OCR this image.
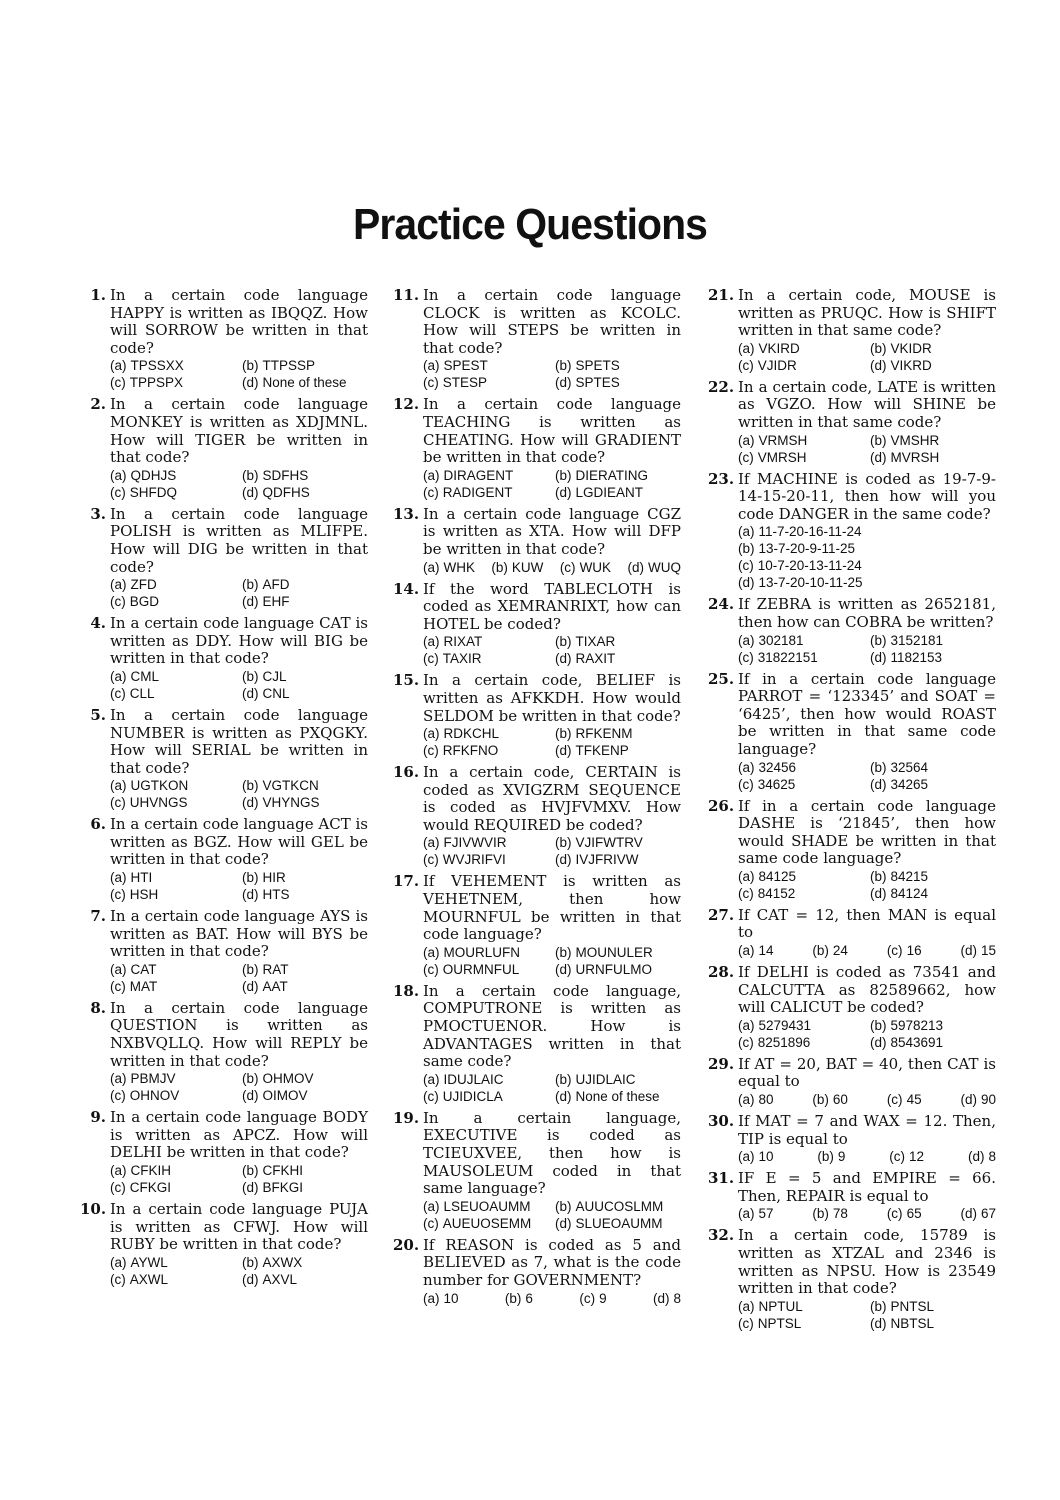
Practice Questions
1. In a certain code language HAPPY is written as IBQQZ. How will SORROW be written in that code?
(a) TPSSXX	(b) TTPSSP
(c) TPPSPX	(d) None of these
2. In a certain code language MONKEY is written as XDJMNL. How will TIGER be written in that code?
(a) QDHJS	(b) SDFHS
(c) SHFDQ	(d) QDFHS
3. In a certain code language POLISH is written as MLIFPE. How will DIG be written in that code?
(a) ZFD	(b) AFD
(c) BGD	(d) EHF
4. In a certain code language CAT is written as DDY. How will BIG be written in that code?
(a) CML	(b) CJL
(c) CLL	(d) CNL
5. In a certain code language NUMBER is written as PXQGKY. How will SERIAL be written in that code?
(a) UGTKON	(b) VGTKCN
(c) UHVNGS	(d) VHYNGS
6. In a certain code language ACT is written as BGZ. How will GEL be written in that code?
(a) HTI	(b) HIR
(c) HSH	(d) HTS
7. In a certain code language AYS is written as BAT. How will BYS be written in that code?
(a) CAT	(b) RAT
(c) MAT	(d) AAT
8. In a certain code language QUESTION is written as NXBVQLLQ. How will REPLY be written in that code?
(a) PBMJV	(b) OHMOV
(c) OHNOV	(d) OIMOV
9. In a certain code language BODY is written as APCZ. How will DELHI be written in that code?
(a) CFKIH	(b) CFKHI
(c) CFKGI	(d) BFKGI
10. In a certain code language PUJA is written as CFWJ. How will RUBY be written in that code?
(a) AYWL	(b) AXWX
(c) AXWL	(d) AXVL
11. In a certain code language CLOCK is written as KCOLC. How will STEPS be written in that code?
(a) SPEST	(b) SPETS
(c) STESP	(d) SPTES
12. In a certain code language TEACHING is written as CHEATING. How will GRADIENT be written in that code?
(a) DIRAGENT	(b) DIERATING
(c) RADIGENT	(d) LGDIEANT
13. In a certain code language CGZ is written as XTA. How will DFP be written in that code?
(a) WHK (b) KUW (c) WUK (d) WUQ
14. If the word TABLECLOTH is coded as XEMRANRIXT, how can HOTEL be coded?
(a) RIXAT	(b) TIXAR
(c) TAXIR	(d) RAXIT
15. In a certain code, BELIEF is written as AFKKDH. How would SELDOM be written in that code?
(a) RDKCHL	(b) RFKENM
(c) RFKFNO	(d) TFKENP
16. In a certain code, CERTAIN is coded as XVIGZRM SEQUENCE is coded as HVJFVMXV. How would REQUIRED be coded?
(a) FJIVWVIR	(b) VJIFWTRV
(c) WVJRIFVI	(d) IVJFRIVW
17. If VEHEMENT is written as VEHETNEM, then how MOURNFUL be written in that code language?
(a) MOURLUFN	(b) MOUNULER
(c) OURMNFUL	(d) URNFULMO
18. In a certain code language, COMPUTRONE is written as PMOCTUENOR. How is ADVANTAGES written in that same code?
(a) IDUJLAIC	(b) UJIDLAIC
(c) UJIDICLA	(d) None of these
19. In a certain language, EXECUTIVE is coded as TCIEUXVEE, then how is MAUSOLEUM coded in that same language?
(a) LSEUOAUMM	(b) AUUCOSLMM
(c) AUEUOSEMM	(d) SLUEOAUMM
20. If REASON is coded as 5 and BELIEVED as 7, what is the code number for GOVERNMENT?
(a) 10	(b) 6	(c) 9	(d) 8
21. In a certain code, MOUSE is written as PRUQC. How is SHIFT written in that same code?
(a) VKIRD	(b) VKIDR
(c) VJIDR	(d) VIKRD
22. In a certain code, LATE is written as VGZO. How will SHINE be written in that same code?
(a) VRMSH	(b) VMSHR
(c) VMRSH	(d) MVRSH
23. If MACHINE is coded as 19-7-9-14-15-20-11, then how will you code DANGER in the same code?
(a) 11-7-20-16-11-24
(b) 13-7-20-9-11-25
(c) 10-7-20-13-11-24
(d) 13-7-20-10-11-25
24. If ZEBRA is written as 2652181, then how can COBRA be written?
(a) 302181	(b) 3152181
(c) 31822151	(d) 1182153
25. If in a certain code language PARROT = ‘123345’ and SOAT = ‘6425’, then how would ROAST be written in that same code language?
(a) 32456	(b) 32564
(c) 34625	(d) 34265
26. If in a certain code language DASHE is ‘21845’, then how would SHADE be written in that same code language?
(a) 84125	(b) 84215
(c) 84152	(d) 84124
27. If CAT = 12, then MAN is equal to
(a) 14	(b) 24	(c) 16	(d) 15
28. If DELHI is coded as 73541 and CALCUTTA as 82589662, how will CALICUT be coded?
(a) 5279431	(b) 5978213
(c) 8251896	(d) 8543691
29. If AT = 20, BAT = 40, then CAT is equal to
(a) 80	(b) 60	(c) 45	(d) 90
30. If MAT = 7 and WAX = 12. Then, TIP is equal to
(a) 10	(b) 9	(c) 12	(d) 8
31. IF E = 5 and EMPIRE = 66. Then, REPAIR is equal to
(a) 57	(b) 78	(c) 65	(d) 67
32. In a certain code, 15789 is written as XTZAL and 2346 is written as NPSU. How is 23549 written in that code?
(a) NPTUL	(b) PNTSL
(c) NPTSL	(d) NBTSL
